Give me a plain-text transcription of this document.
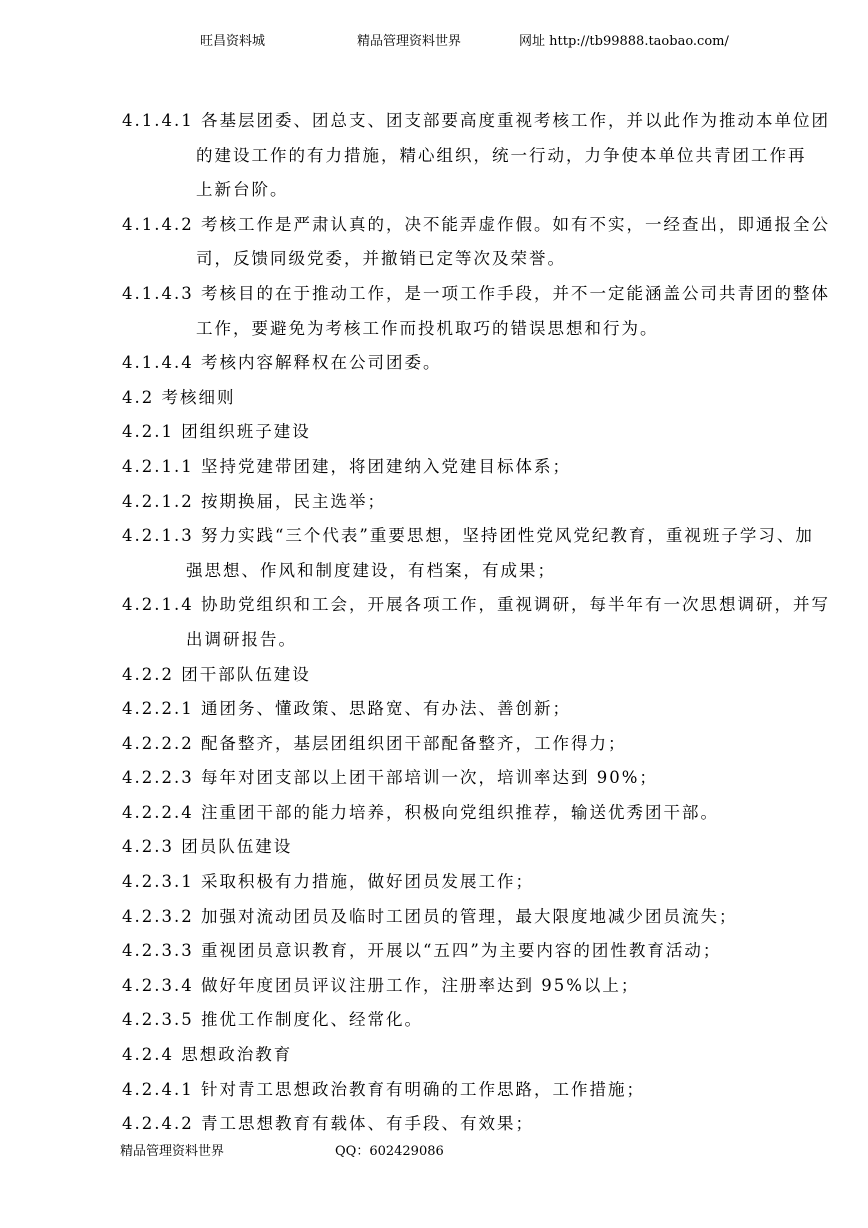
旺昌资料城	精品管理资料世界	网址 http://tb99888.taobao.com/
4.1.4.1 各基层团委、团总支、团支部要高度重视考核工作，并以此作为推动本单位团
的建设工作的有力措施，精心组织，统一行动，力争使本单位共青团工作再
上新台阶。
4.1.4.2 考核工作是严肃认真的，决不能弄虚作假。如有不实，一经查出，即通报全公
司，反馈同级党委，并撤销已定等次及荣誉。
4.1.4.3 考核目的在于推动工作，是一项工作手段，并不一定能涵盖公司共青团的整体
工作，要避免为考核工作而投机取巧的错误思想和行为。
4.1.4.4 考核内容解释权在公司团委。
4.2 考核细则
4.2.1 团组织班子建设
4.2.1.1 坚持党建带团建，将团建纳入党建目标体系；
4.2.1.2 按期换届，民主选举；
4.2.1.3 努力实践“三个代表”重要思想，坚持团性党风党纪教育，重视班子学习、加
强思想、作风和制度建设，有档案，有成果；
4.2.1.4 协助党组织和工会，开展各项工作，重视调研，每半年有一次思想调研，并写
出调研报告。
4.2.2 团干部队伍建设
4.2.2.1 通团务、懂政策、思路宽、有办法、善创新；
4.2.2.2 配备整齐，基层团组织团干部配备整齐，工作得力；
4.2.2.3 每年对团支部以上团干部培训一次，培训率达到 90%；
4.2.2.4 注重团干部的能力培养，积极向党组织推荐，输送优秀团干部。
4.2.3 团员队伍建设
4.2.3.1 采取积极有力措施，做好团员发展工作；
4.2.3.2 加强对流动团员及临时工团员的管理，最大限度地减少团员流失；
4.2.3.3 重视团员意识教育，开展以“五四”为主要内容的团性教育活动；
4.2.3.4 做好年度团员评议注册工作，注册率达到 95%以上；
4.2.3.5 推优工作制度化、经常化。
4.2.4 思想政治教育
4.2.4.1 针对青工思想政治教育有明确的工作思路，工作措施；
4.2.4.2 青工思想教育有载体、有手段、有效果；
精品管理资料世界	QQ：602429086
